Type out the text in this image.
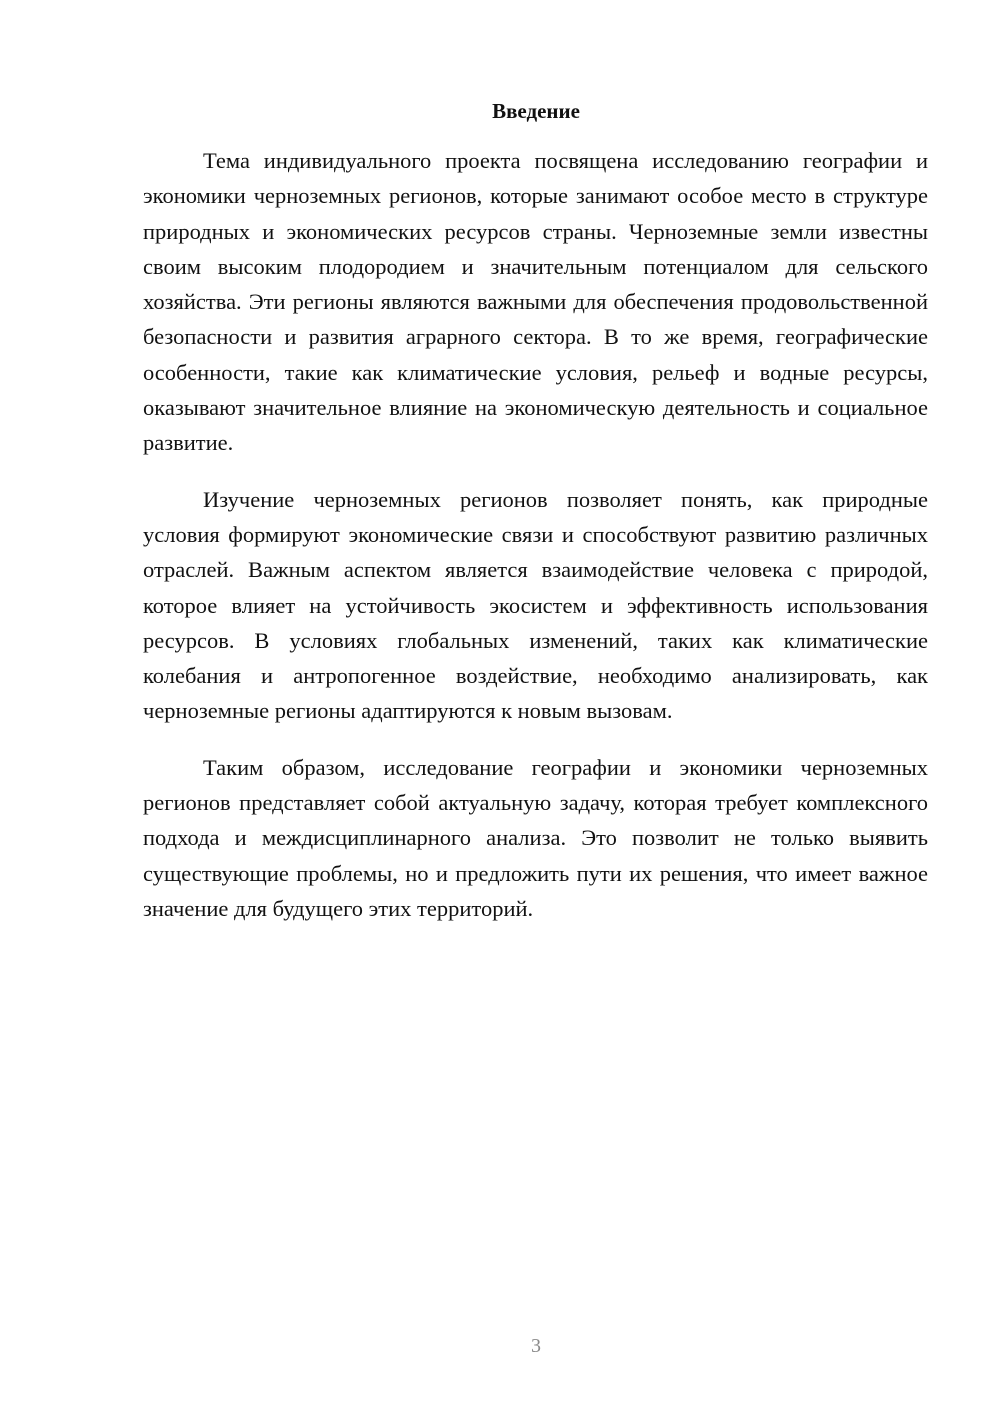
Введение

Тема индивидуального проекта посвящена исследованию географии и экономики черноземных регионов, которые занимают особое место в структуре природных и экономических ресурсов страны. Черноземные земли известны своим высоким плодородием и значительным потенциалом для сельского хозяйства. Эти регионы являются важными для обеспечения продовольственной безопасности и развития аграрного сектора. В то же время, географические особенности, такие как климатические условия, рельеф и водные ресурсы, оказывают значительное влияние на экономическую деятельность и социальное развитие.

Изучение черноземных регионов позволяет понять, как природные условия формируют экономические связи и способствуют развитию различных отраслей. Важным аспектом является взаимодействие человека с природой, которое влияет на устойчивость экосистем и эффективность использования ресурсов. В условиях глобальных изменений, таких как климатические колебания и антропогенное воздействие, необходимо анализировать, как черноземные регионы адаптируются к новым вызовам.

Таким образом, исследование географии и экономики черноземных регионов представляет собой актуальную задачу, которая требует комплексного подхода и междисциплинарного анализа. Это позволит не только выявить существующие проблемы, но и предложить пути их решения, что имеет важное значение для будущего этих территорий.

3
